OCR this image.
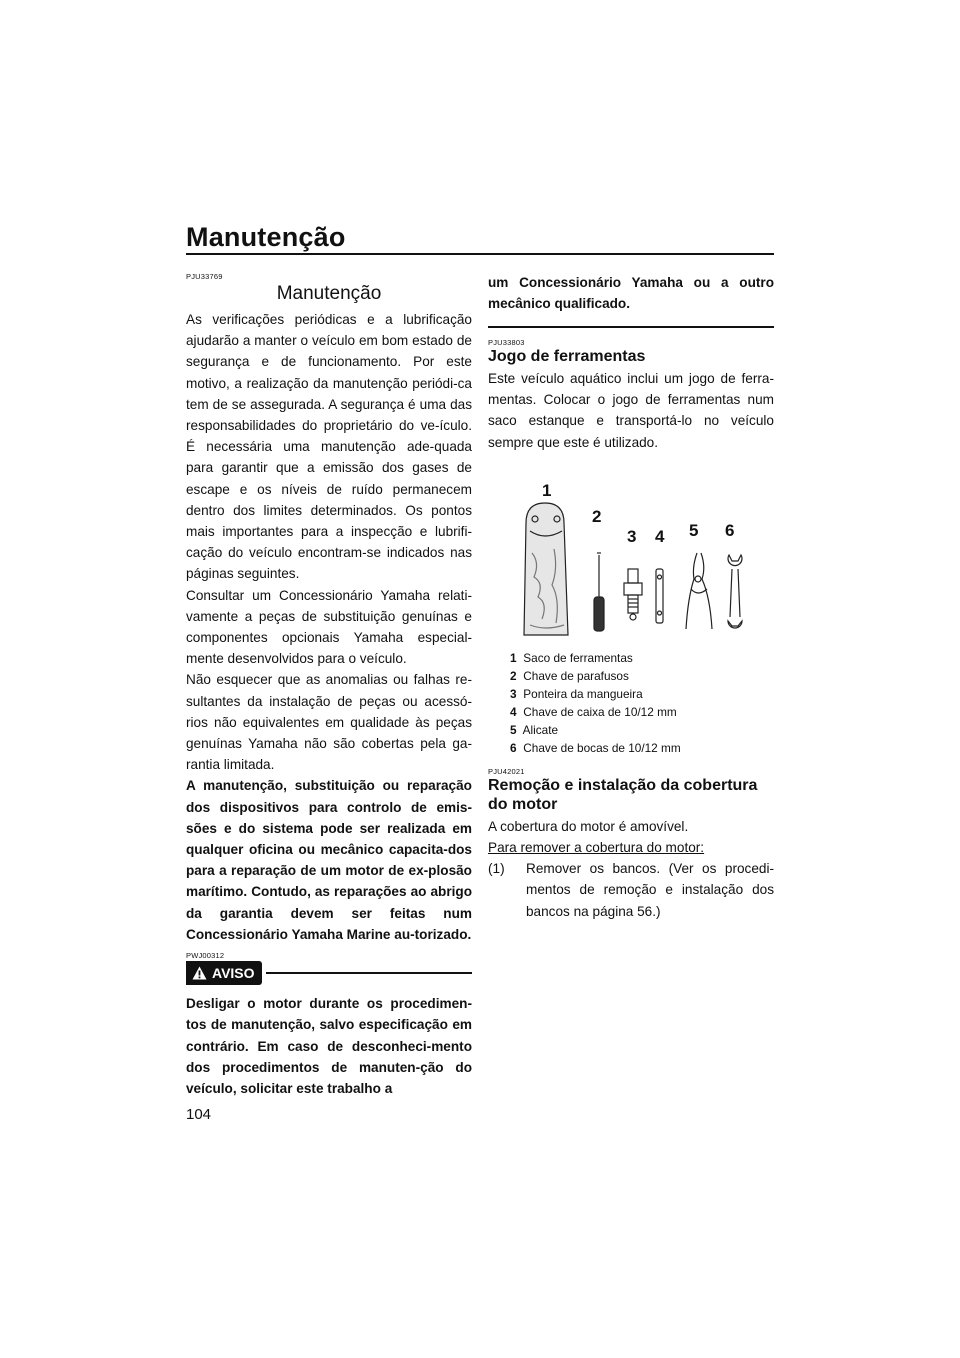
Manutenção
PJU33769
Manutenção

As verificações periódicas e a lubrificação ajudarão a manter o veículo em bom estado de segurança e de funcionamento. Por este motivo, a realização da manutenção periódi-ca tem de se assegurada. A segurança é uma das responsabilidades do proprietário do ve-ículo. É necessária uma manutenção ade-quada para garantir que a emissão dos gases de escape e os níveis de ruído permanecem dentro dos limites determinados. Os pontos mais importantes para a inspecção e lubrifi-cação do veículo encontram-se indicados nas páginas seguintes.

Consultar um Concessionário Yamaha relati-vamente a peças de substituição genuínas e componentes opcionais Yamaha especial-mente desenvolvidos para o veículo.

Não esquecer que as anomalias ou falhas re-sultantes da instalação de peças ou acessó-rios não equivalentes em qualidade às peças genuínas Yamaha não são cobertas pela ga-rantia limitada.

A manutenção, substituição ou reparação dos dispositivos para controlo de emis-sões e do sistema pode ser realizada em qualquer oficina ou mecânico capacita-dos para a reparação de um motor de ex-plosão marítimo. Contudo, as reparações ao abrigo da garantia devem ser feitas num Concessionário Yamaha Marine au-torizado.

PWJ00312
AVISO

Desligar o motor durante os procedimen-tos de manutenção, salvo especificação em contrário. Em caso de desconheci-mento dos procedimentos de manuten-ção do veículo, solicitar este trabalho a

um Concessionário Yamaha ou a outro mecânico qualificado.

PJU33803
Jogo de ferramentas

Este veículo aquático inclui um jogo de ferra-mentas. Colocar o jogo de ferramentas num saco estanque e transportá-lo no veículo sempre que este é utilizado.

1
2
3 4 5 6
1 Saco de ferramentas
2 Chave de parafusos
3 Ponteira da mangueira
4 Chave de caixa de 10/12 mm
5 Alicate
6 Chave de bocas de 10/12 mm
PJU42021
Remoção e instalação da cobertura do motor

A cobertura do motor é amovível.

Para remover a cobertura do motor:

(1)	Remover os bancos. (Ver os procedi-mentos de remoção e instalação dos bancos na página 56.)
104
